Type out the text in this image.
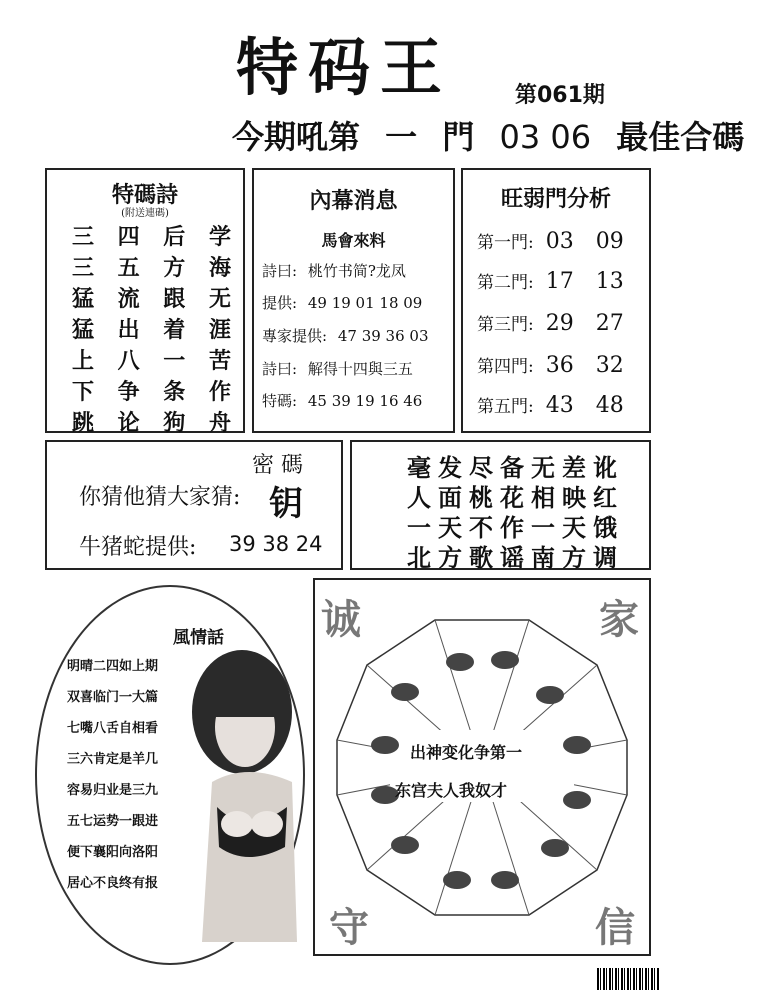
特码王	第061期
今期吼第 一 門 03 06 最佳合碼
特碼詩
(附送連碼)
三 四 后 学
三 五 方 海
猛 流 跟 无
猛 出 着 涯
上 八 一 苦
下 争 条 作
跳 论 狗 舟
內幕消息
馬會來料
詩曰: 桃竹书简?龙凤
提供: 49 19 01 18 09
專家提供: 47 39 36 03
詩曰: 解得十四與三五
特碼: 45 39 19 16 46
旺弱門分析
第一門: 03 09
第二門: 17 13
第三門: 29 27
第四門: 36 32
第五門: 43 48
你猜他猜大家猜:
密 碼
钥
牛猪蛇提供: 39 38 24
毫发尽备无差讹
人面桃花相映红
一天不作一天饿
北方歌谣南方调
風情話
明晴二四如上期
双喜临门一大篇
七嘴八舌自相看
三六肯定是羊几
容易归业是三九
五七运势一跟进
便下襄阳向洛阳
居心不良终有报
出神变化争第一
东宫夫人我奴才
诚	家
守	信
